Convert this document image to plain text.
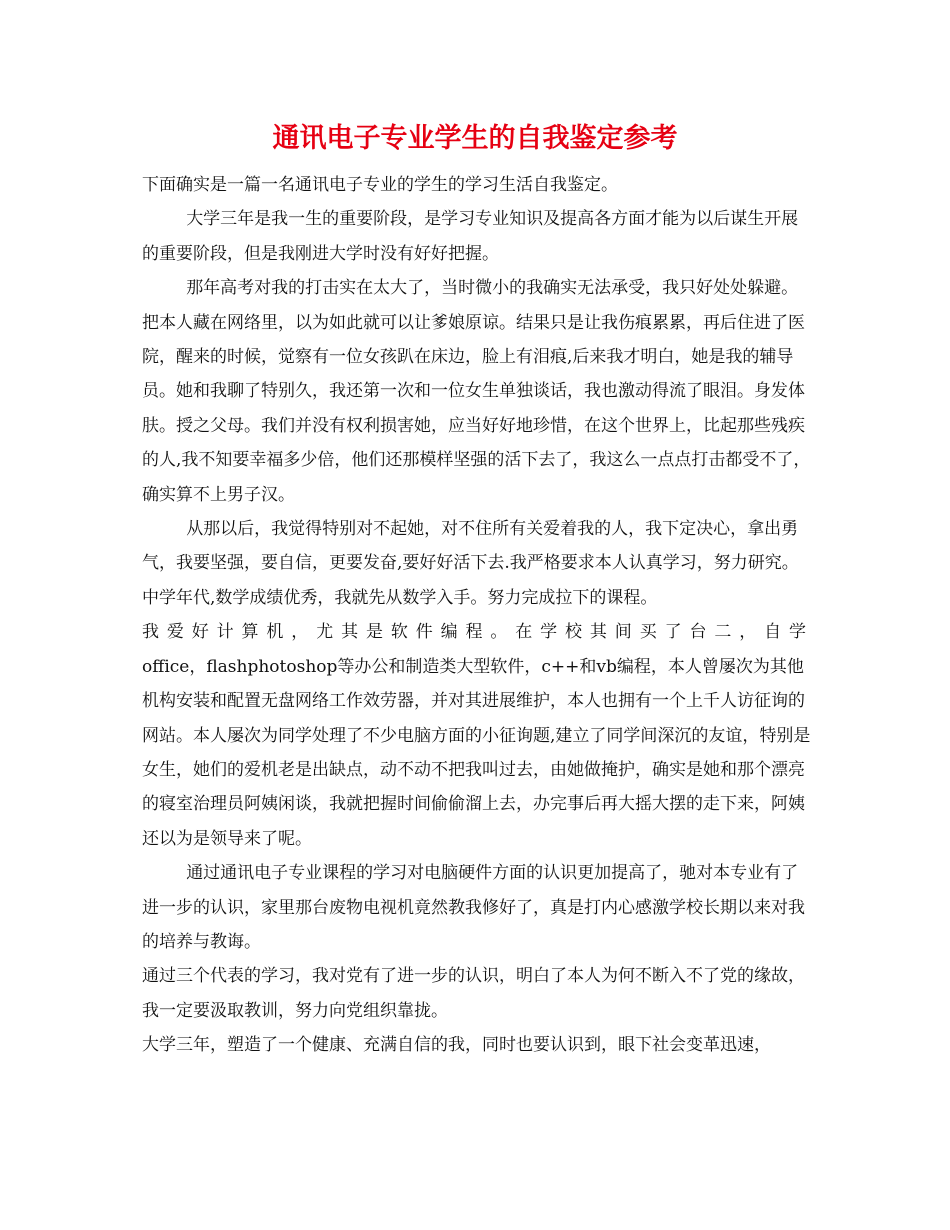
通讯电子专业学生的自我鉴定参考

下面确实是一篇一名通讯电子专业的学生的学习生活自我鉴定。

大学三年是我一生的重要阶段，是学习专业知识及提高各方面才能为以后谋生开展的重要阶段，但是我刚进大学时没有好好把握。

那年高考对我的打击实在太大了，当时微小的我确实无法承受，我只好处处躲避。把本人藏在网络里，以为如此就可以让爹娘原谅。结果只是让我伤痕累累，再后住进了医院，醒来的时候，觉察有一位女孩趴在床边，脸上有泪痕,后来我才明白，她是我的辅导员。她和我聊了特别久，我还第一次和一位女生单独谈话，我也激动得流了眼泪。身发体肤。授之父母。我们并没有权利损害她，应当好好地珍惜，在这个世界上，比起那些残疾的人,我不知要幸福多少倍，他们还那模样坚强的活下去了，我这么一点点打击都受不了，确实算不上男子汉。

从那以后，我觉得特别对不起她，对不住所有关爱着我的人，我下定决心，拿出勇气，我要坚强，要自信，更要发奋,要好好活下去.我严格要求本人认真学习，努力研究。中学年代,数学成绩优秀，我就先从数学入手。努力完成拉下的课程。

我爱好计算机，尤其是软件编程。在学校其间买了台二，自学

office，flashphotoshop等办公和制造类大型软件，c++和vb编程，本人曾屡次为其他机构安装和配置无盘网络工作效劳器，并对其进展维护，本人也拥有一个上千人访征询的网站。本人屡次为同学处理了不少电脑方面的小征询题,建立了同学间深沉的友谊，特别是女生，她们的爱机老是出缺点，动不动不把我叫过去，由她做掩护，确实是她和那个漂亮的寝室治理员阿姨闲谈，我就把握时间偷偷溜上去，办完事后再大摇大摆的走下来，阿姨还以为是领导来了呢。

通过通讯电子专业课程的学习对电脑硬件方面的认识更加提高了，驰对本专业有了进一步的认识，家里那台废物电视机竟然教我修好了，真是打内心感激学校长期以来对我的培养与教诲。

通过三个代表的学习，我对党有了进一步的认识，明白了本人为何不断入不了党的缘故，我一定要汲取教训，努力向党组织靠拢。

大学三年，塑造了一个健康、充满自信的我，同时也要认识到，眼下社会变革迅速，
